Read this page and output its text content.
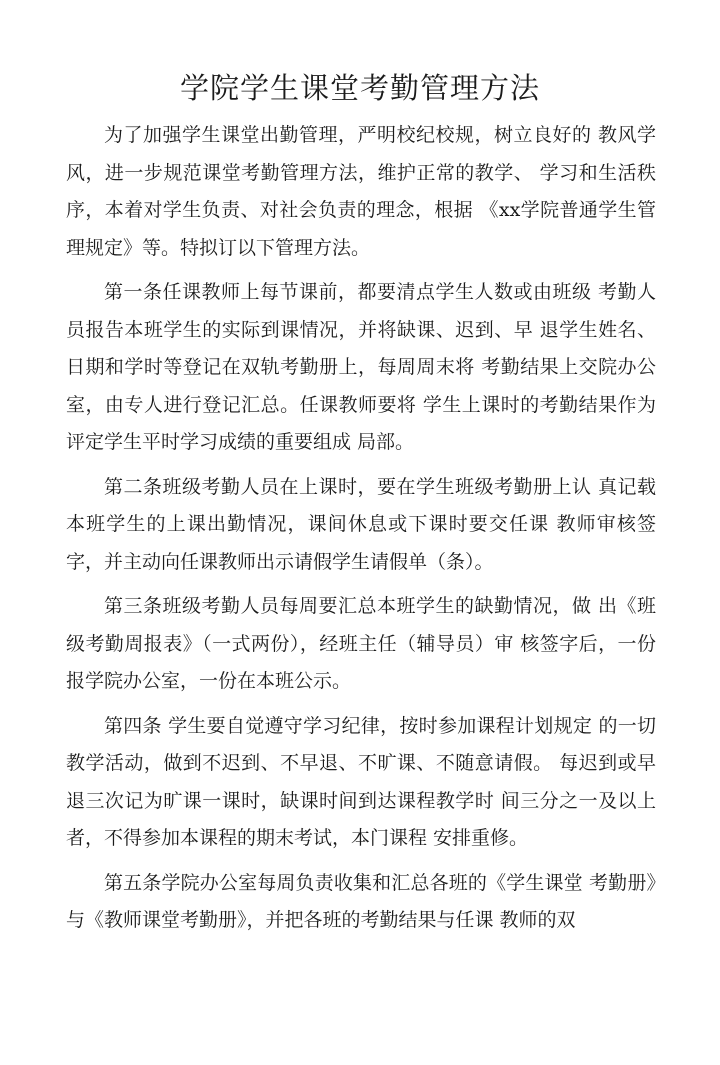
学院学生课堂考勤管理方法

为了加强学生课堂出勤管理，严明校纪校规，树立良好的 教风学风，进一步规范课堂考勤管理方法，维护正常的教学、 学习和生活秩序，本着对学生负责、对社会负责的理念，根据 《xx学院普通学生管理规定》等。特拟订以下管理方法。

第一条任课教师上每节课前，都要清点学生人数或由班级 考勤人员报告本班学生的实际到课情况，并将缺课、迟到、早 退学生姓名、日期和学时等登记在双轨考勤册上，每周周末将 考勤结果上交院办公室，由专人进行登记汇总。任课教师要将 学生上课时的考勤结果作为评定学生平时学习成绩的重要组成 局部。

第二条班级考勤人员在上课时，要在学生班级考勤册上认 真记载本班学生的上课出勤情况，课间休息或下课时要交任课 教师审核签字，并主动向任课教师出示请假学生请假单（条）。

第三条班级考勤人员每周要汇总本班学生的缺勤情况，做 出《班级考勤周报表》（一式两份），经班主任（辅导员）审 核签字后，一份报学院办公室，一份在本班公示。

第四条 学生要自觉遵守学习纪律，按时参加课程计划规定 的一切教学活动，做到不迟到、不早退、不旷课、不随意请假。 每迟到或早退三次记为旷课一课时，缺课时间到达课程教学时 间三分之一及以上者，不得参加本课程的期末考试，本门课程 安排重修。

第五条学院办公室每周负责收集和汇总各班的《学生课堂 考勤册》与《教师课堂考勤册》，并把各班的考勤结果与任课 教师的双
